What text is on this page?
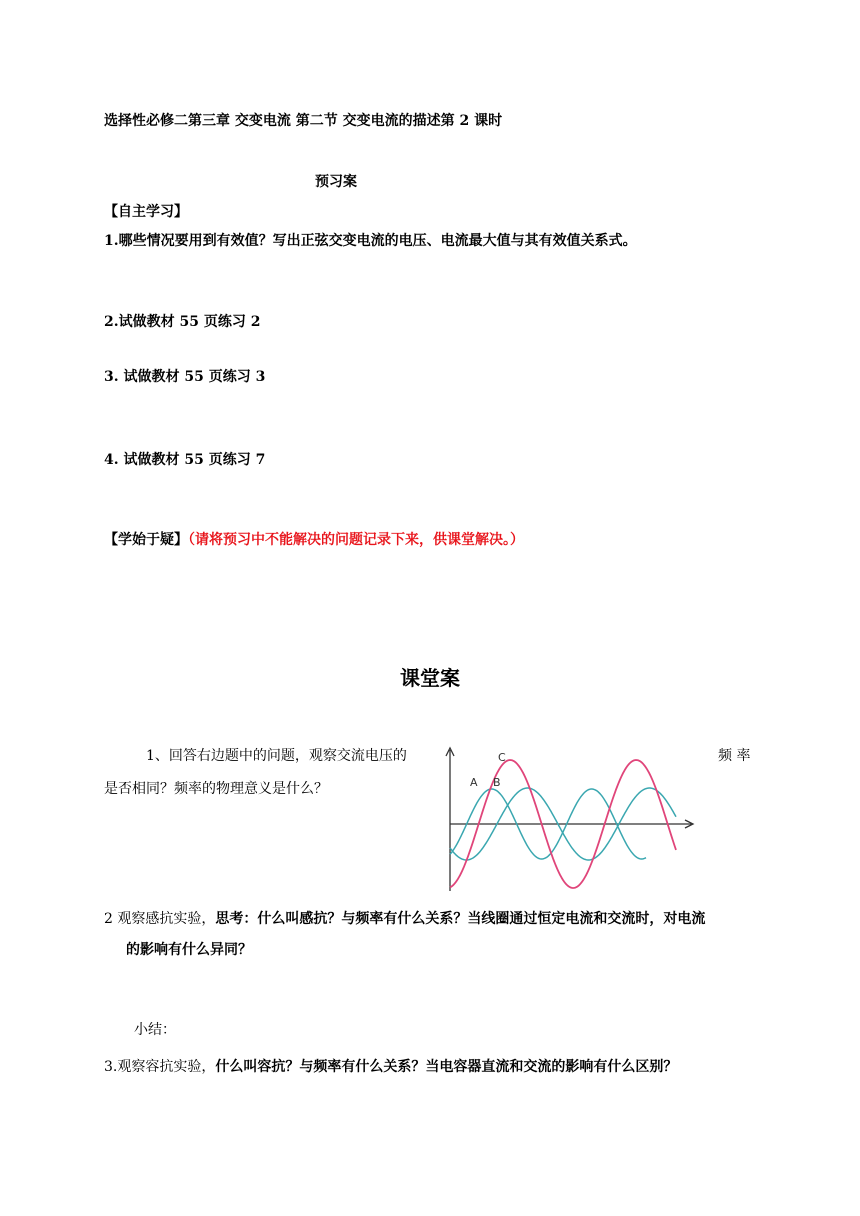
选择性必修二第三章 交变电流 第二节 交变电流的描述第 2 课时
预习案
【自主学习】
1.哪些情况要用到有效值？写出正弦交变电流的电压、电流最大值与其有效值关系式。
2.试做教材 55 页练习 2
3. 试做教材 55 页练习 3
4. 试做教材 55 页练习 7
【学始于疑】（请将预习中不能解决的问题记录下来，供课堂解决。）
课堂案
1、回答右边题中的问题，观察交流电压的	频 率
是否相同？频率的物理意义是什么？	A B
C
2 观察感抗实验，思考：什么叫感抗？与频率有什么关系？当线圈通过恒定电流和交流时，对电流
的影响有什么异同？
小结：
3.观察容抗实验，什么叫容抗？与频率有什么关系？当电容器直流和交流的影响有什么区别？
